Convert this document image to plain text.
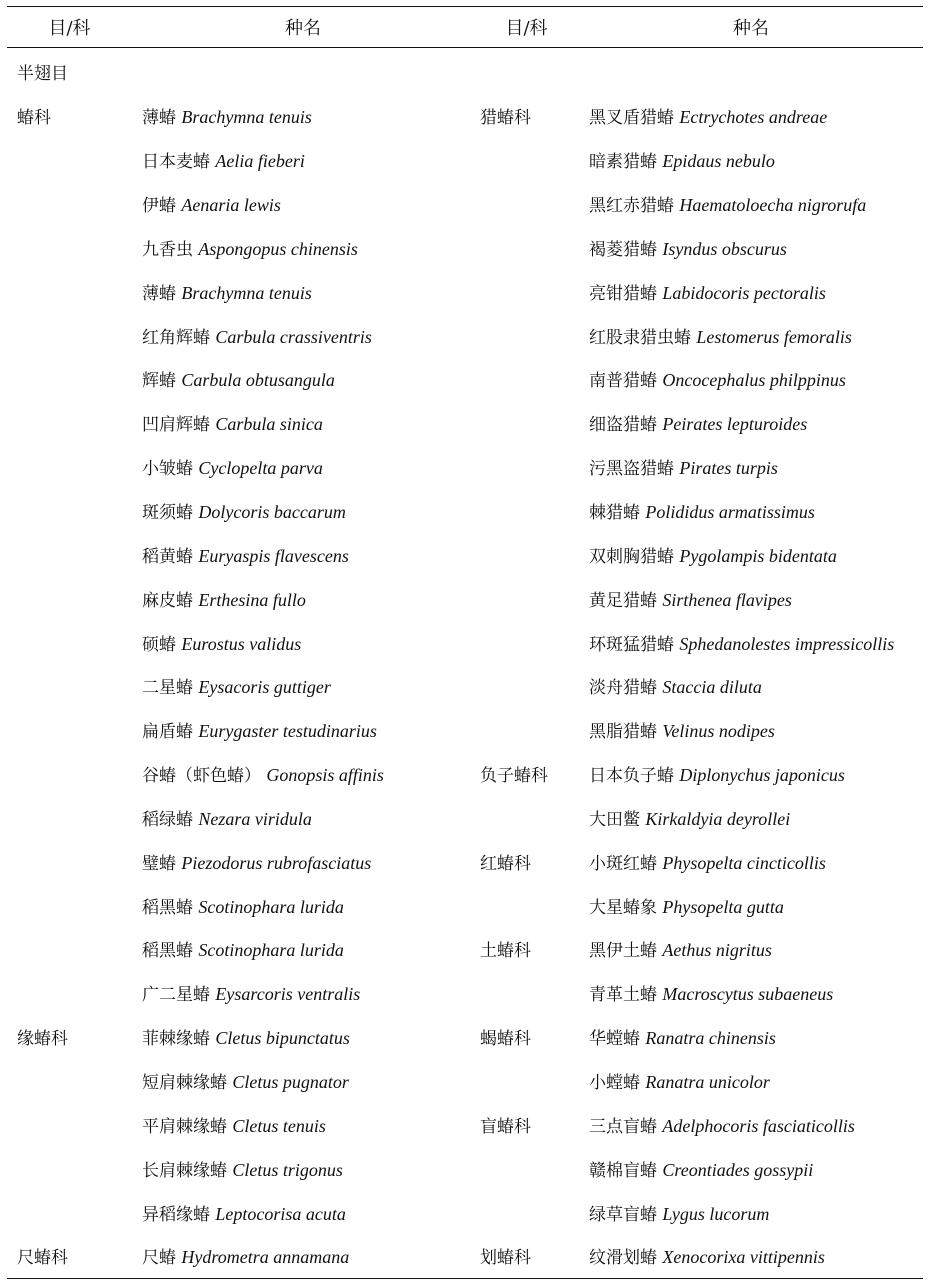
目/科	种名	目/科	种名
半翅目			
蝽科	薄蝽 Brachymna tenuis	猎蝽科	黑叉盾猎蝽 Ectrychotes andreae
	日本麦蝽 Aelia fieberi		暗素猎蝽 Epidaus nebulo
	伊蝽 Aenaria lewis		黑红赤猎蝽 Haematoloecha nigrorufa
	九香虫 Aspongopus chinensis		褐菱猎蝽 Isyndus obscurus
	薄蝽 Brachymna tenuis		亮钳猎蝽 Labidocoris pectoralis
	红角辉蝽 Carbula crassiventris		红股隶猎虫蝽 Lestomerus femoralis
	辉蝽 Carbula obtusangula		南普猎蝽 Oncocephalus philppinus
	凹肩辉蝽 Carbula sinica		细盗猎蝽 Peirates lepturoides
	小皱蝽 Cyclopelta parva		污黑盗猎蝽 Pirates turpis
	斑须蝽 Dolycoris baccarum		棘猎蝽 Polididus armatissimus
	稻黄蝽 Euryaspis flavescens		双刺胸猎蝽 Pygolampis bidentata
	麻皮蝽 Erthesina fullo		黄足猎蝽 Sirthenea flavipes
	硕蝽 Eurostus validus		环斑猛猎蝽 Sphedanolestes impressicollis
	二星蝽 Eysacoris guttiger		淡舟猎蝽 Staccia diluta
	扁盾蝽 Eurygaster testudinarius		黑脂猎蝽 Velinus nodipes
	谷蝽（虾色蝽） Gonopsis affinis	负子蝽科	日本负子蝽 Diplonychus japonicus
	稻绿蝽 Nezara viridula		大田鳖 Kirkaldyia deyrollei
	璧蝽 Piezodorus rubrofasciatus	红蝽科	小斑红蝽 Physopelta cincticollis
	稻黑蝽 Scotinophara lurida		大星蝽象 Physopelta gutta
	稻黑蝽 Scotinophara lurida	土蝽科	黑伊土蝽 Aethus nigritus
	广二星蝽 Eysarcoris ventralis		青革土蝽 Macroscytus subaeneus
缘蝽科	菲棘缘蝽 Cletus bipunctatus	蝎蝽科	华螳蝽 Ranatra chinensis
	短肩棘缘蝽 Cletus pugnator		小螳蝽 Ranatra unicolor
	平肩棘缘蝽 Cletus tenuis	盲蝽科	三点盲蝽 Adelphocoris fasciaticollis
	长肩棘缘蝽 Cletus trigonus		赣棉盲蝽 Creontiades gossypii
	异稻缘蝽 Leptocorisa acuta		绿草盲蝽 Lygus lucorum
尺蝽科	尺蝽 Hydrometra annamana	划蝽科	纹滑划蝽 Xenocorixa vittipennis
